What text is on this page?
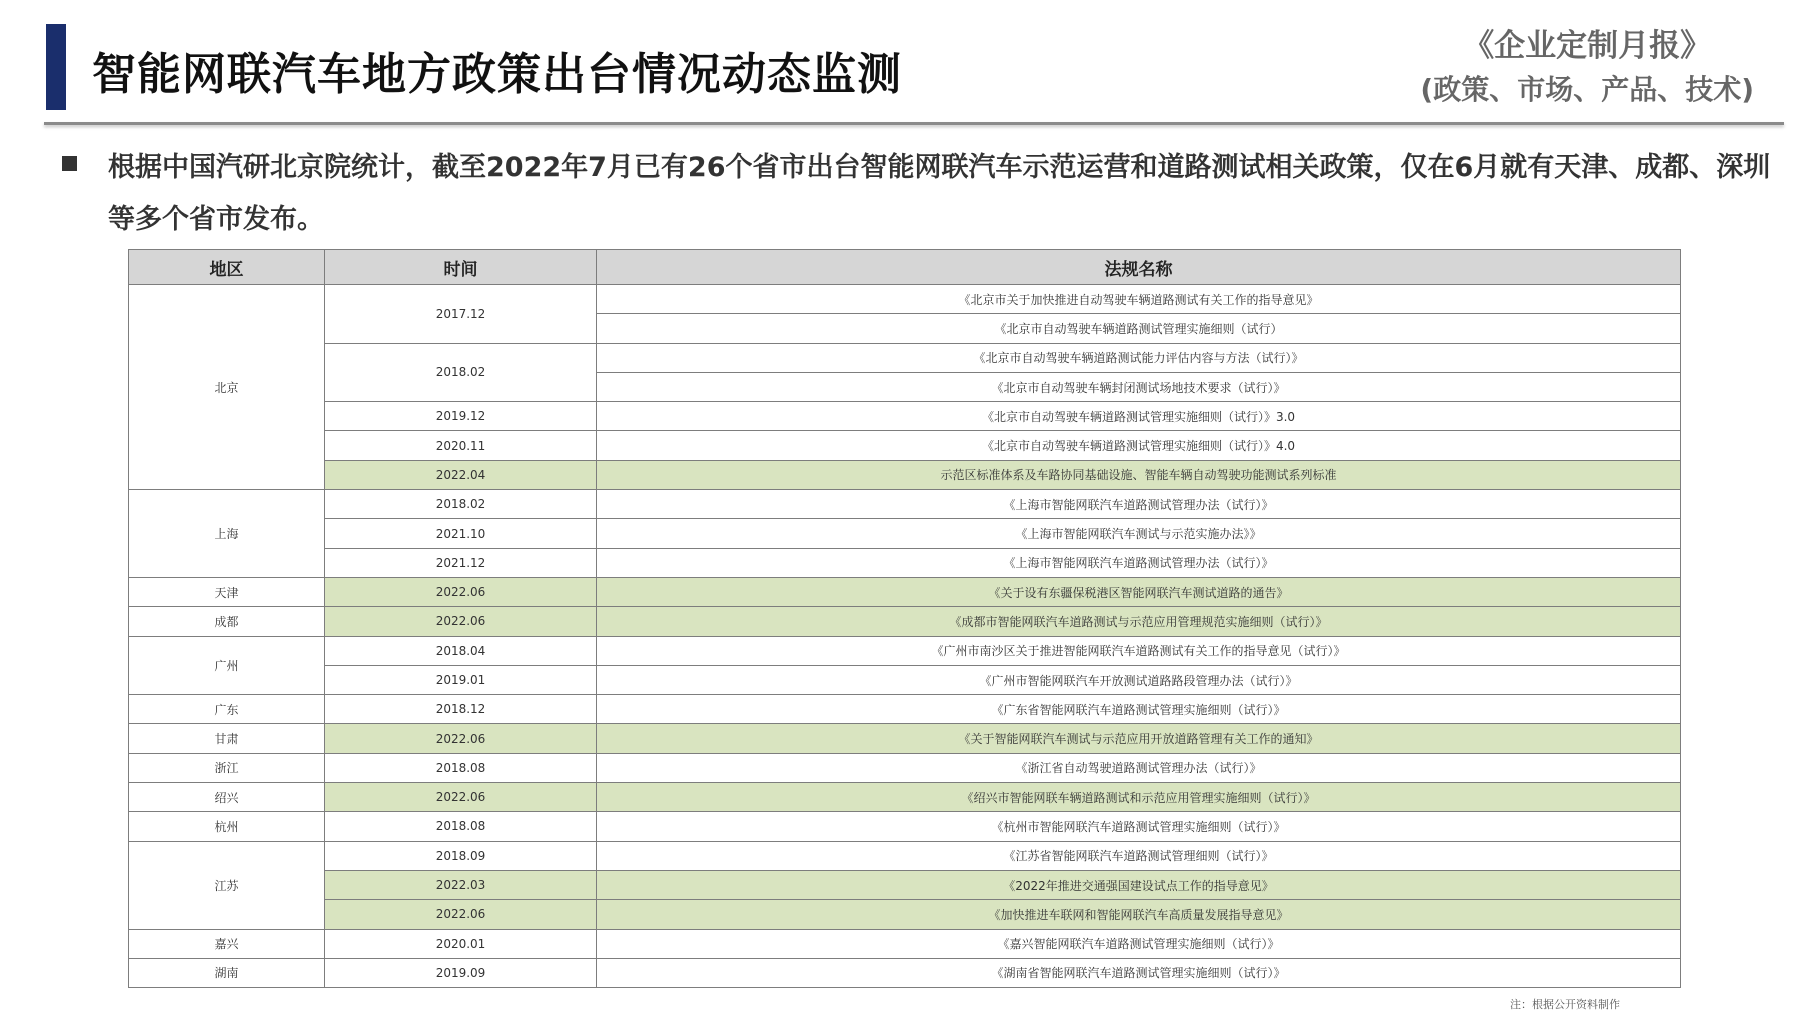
智能网联汽车地方政策出台情况动态监测
《企业定制月报》
(政策、市场、产品、技术)
根据中国汽研北京院统计，截至2022年7月已有26个省市出台智能网联汽车示范运营和道路测试相关政策，仅在6月就有天津、成都、深圳等多个省市发布。
地区	时间	法规名称
北京	2017.12	《北京市关于加快推进自动驾驶车辆道路测试有关工作的指导意见》
		《北京市自动驾驶车辆道路测试管理实施细则（试行）
	2018.02	《北京市自动驾驶车辆道路测试能力评估内容与方法（试行）》
		《北京市自动驾驶车辆封闭测试场地技术要求（试行）》
	2019.12	《北京市自动驾驶车辆道路测试管理实施细则（试行）》3.0
	2020.11	《北京市自动驾驶车辆道路测试管理实施细则（试行）》4.0
	2022.04	示范区标准体系及车路协同基础设施、智能车辆自动驾驶功能测试系列标准
上海	2018.02	《上海市智能网联汽车道路测试管理办法（试行）》
	2021.10	《上海市智能网联汽车测试与示范实施办法》》
	2021.12	《上海市智能网联汽车道路测试管理办法（试行）》
天津	2022.06	《关于设有东疆保税港区智能网联汽车测试道路的通告》
成都	2022.06	《成都市智能网联汽车道路测试与示范应用管理规范实施细则（试行）》
广州	2018.04	《广州市南沙区关于推进智能网联汽车道路测试有关工作的指导意见（试行）》
	2019.01	《广州市智能网联汽车开放测试道路路段管理办法（试行）》
广东	2018.12	《广东省智能网联汽车道路测试管理实施细则（试行）》
甘肃	2022.06	《关于智能网联汽车测试与示范应用开放道路管理有关工作的通知》
浙江	2018.08	《浙江省自动驾驶道路测试管理办法（试行）》
绍兴	2022.06	《绍兴市智能网联车辆道路测试和示范应用管理实施细则（试行）》
杭州	2018.08	《杭州市智能网联汽车道路测试管理实施细则（试行）》
江苏	2018.09	《江苏省智能网联汽车道路测试管理细则（试行）》
	2022.03	《2022年推进交通强国建设试点工作的指导意见》
	2022.06	《加快推进车联网和智能网联汽车高质量发展指导意见》
嘉兴	2020.01	《嘉兴智能网联汽车道路测试管理实施细则（试行）》
湖南	2019.09	《湖南省智能网联汽车道路测试管理实施细则（试行）》
注：根据公开资料制作
